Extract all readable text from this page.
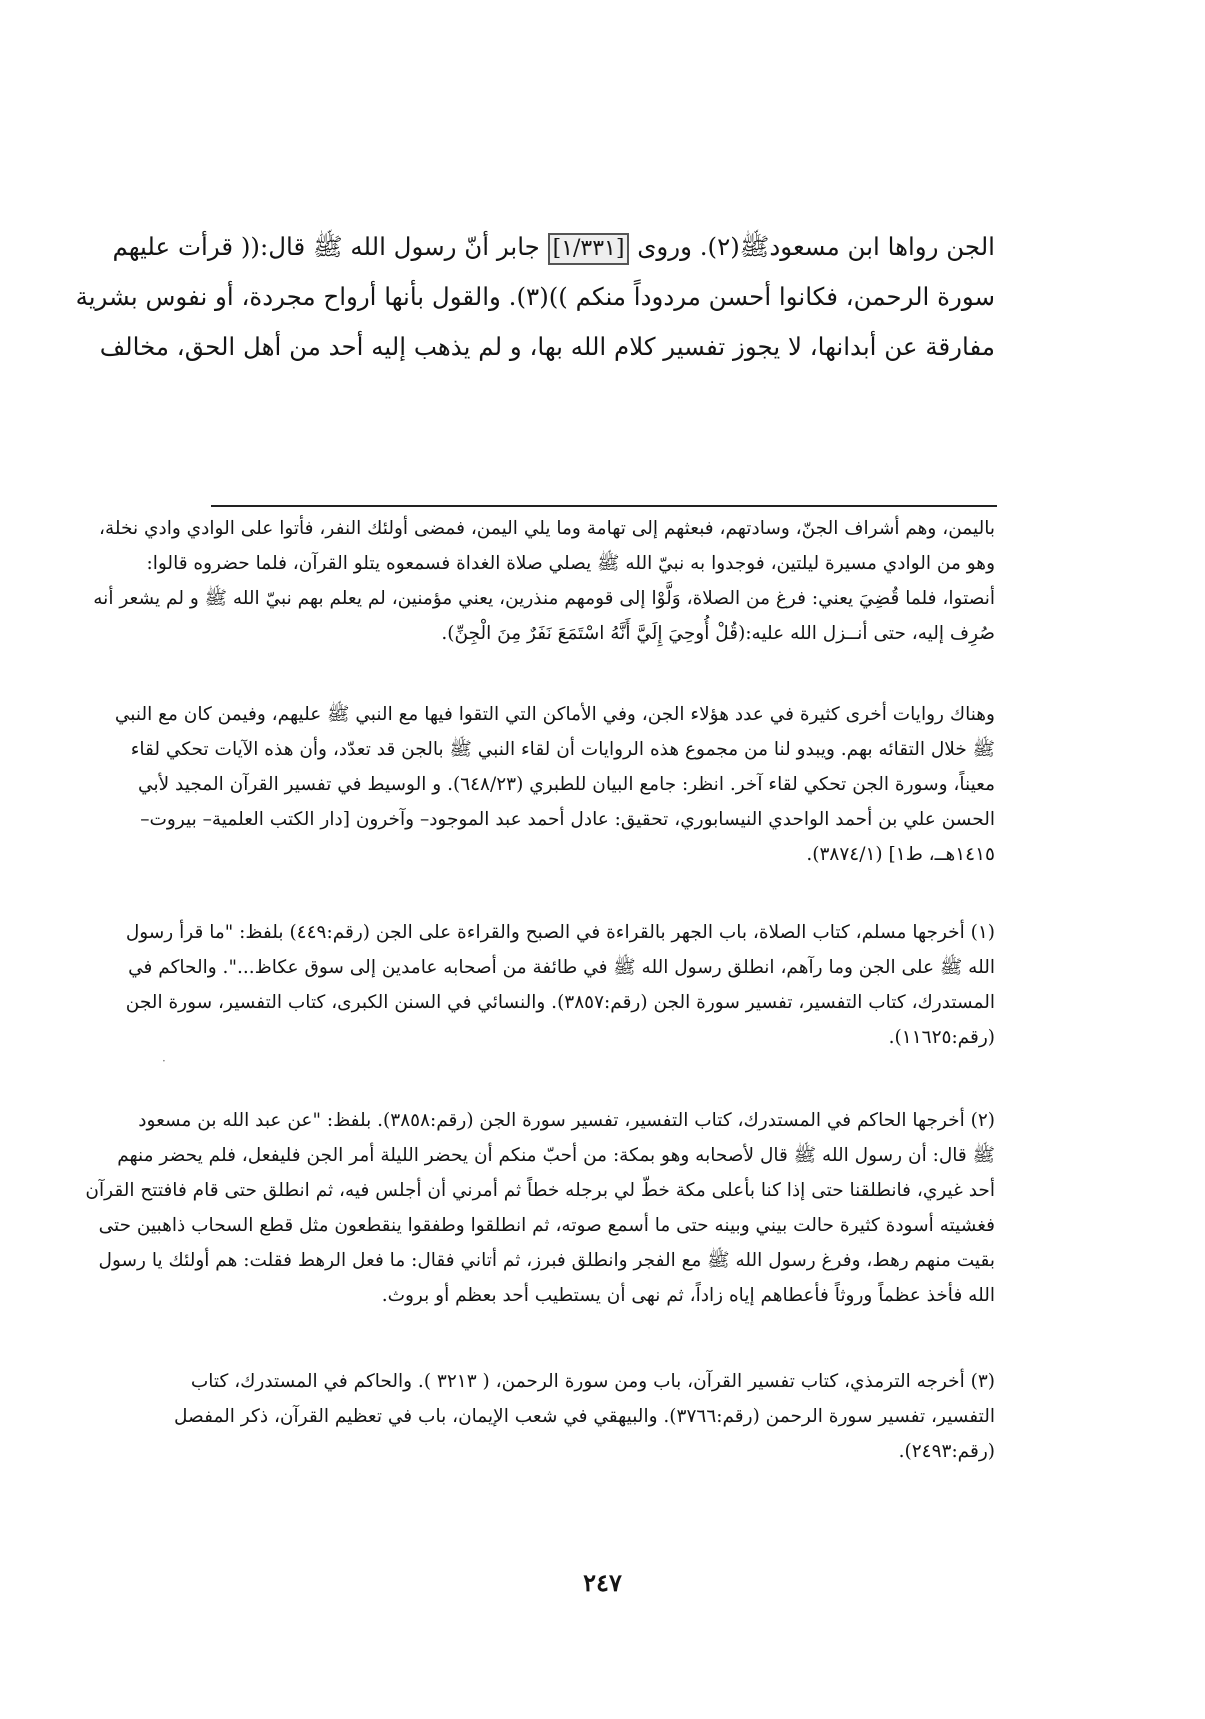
الجن رواها ابن مسعودﷺ(٢). وروى [١/٣٣١] جابر أنّ رسول الله ﷺ قال:(( قرأت عليهم
سورة الرحمن، فكانوا أحسن مردوداً منكم ))(٣). والقول بأنها أرواح مجردة، أو نفوس بشرية
مفارقة عن أبدانها، لا يجوز تفسير كلام الله بها، و لم يذهب إليه أحد من أهل الحق، مخالف
باليمن، وهم أشراف الجنّ، وسادتهم، فبعثهم إلى تهامة وما يلي اليمن، فمضى أولئك النفر، فأتوا على الوادي وادي نخلة،
وهو من الوادي مسيرة ليلتين، فوجدوا به نبيّ الله ﷺ يصلي صلاة الغداة فسمعوه يتلو القرآن، فلما حضروه قالوا:
أنصتوا، فلما قُضِيَ يعني: فرغ من الصلاة، وَلَّوْا إلى قومهم منذرين، يعني مؤمنين، لم يعلم بهم نبيّ الله ﷺ و لم يشعر أنه
صُرِف إليه، حتى أنــزل الله عليه:(قُلْ أُوحِيَ إِلَيَّ أَنَّهُ اسْتَمَعَ نَفَرٌ مِنَ الْجِنِّ).
وهناك روايات أخرى كثيرة في عدد هؤلاء الجن، وفي الأماكن التي التقوا فيها مع النبي ﷺ عليهم، وفيمن كان مع النبي
ﷺ خلال التقائه بهم. ويبدو لنا من مجموع هذه الروايات أن لقاء النبي ﷺ بالجن قد تعدّد، وأن هذه الآيات تحكي لقاء
معيناً، وسورة الجن تحكي لقاء آخر. انظر: جامع البيان للطبري (٦٤٨/٢٣). و الوسيط في تفسير القرآن المجيد لأبي
الحسن علي بن أحمد الواحدي النيسابوري، تحقيق: عادل أحمد عبد الموجود– وآخرون [دار الكتب العلمية– بيروت–
١٤١٥هــ، ط١] (٣٨٧٤/١).
(١) أخرجها مسلم، كتاب الصلاة، باب الجهر بالقراءة في الصبح والقراءة على الجن (رقم:٤٤٩) بلفظ: "ما قرأ رسول
الله ﷺ على الجن وما رآهم، انطلق رسول الله ﷺ في طائفة من أصحابه عامدين إلى سوق عكاظ...". والحاكم في
المستدرك، كتاب التفسير، تفسير سورة الجن (رقم:٣٨٥٧). والنسائي في السنن الكبرى، كتاب التفسير، سورة الجن
(رقم:١١٦٢٥).
(٢) أخرجها الحاكم في المستدرك، كتاب التفسير، تفسير سورة الجن (رقم:٣٨٥٨). بلفظ: "عن عبد الله بن مسعود
ﷺ قال: أن رسول الله ﷺ قال لأصحابه وهو بمكة: من أحبّ منكم أن يحضر الليلة أمر الجن فليفعل، فلم يحضر منهم
أحد غيري، فانطلقنا حتى إذا كنا بأعلى مكة خطّ لي برجله خطاً ثم أمرني أن أجلس فيه، ثم انطلق حتى قام فافتتح القرآن
فغشيته أسودة كثيرة حالت بيني وبينه حتى ما أسمع صوته، ثم انطلقوا وطفقوا ينقطعون مثل قطع السحاب ذاهبين حتى
بقيت منهم رهط، وفرغ رسول الله ﷺ مع الفجر وانطلق فبرز، ثم أتاني فقال: ما فعل الرهط فقلت: هم أولئك يا رسول
الله فأخذ عظماً وروثاً فأعطاهم إياه زاداً، ثم نهى أن يستطيب أحد بعظم أو بروث.
(٣) أخرجه الترمذي، كتاب تفسير القرآن، باب ومن سورة الرحمن، ( ٣٢١٣ ). والحاكم في المستدرك، كتاب
التفسير، تفسير سورة الرحمن (رقم:٣٧٦٦). والبيهقي في شعب الإيمان، باب في تعظيم القرآن، ذكر المفصل
(رقم:٢٤٩٣).
٢٤٧
·
